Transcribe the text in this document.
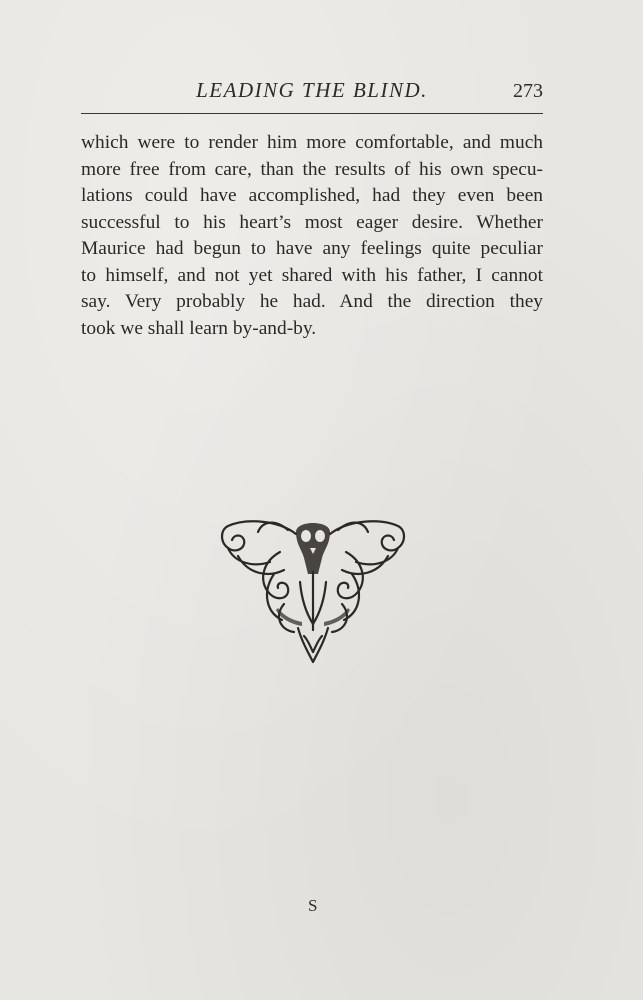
LEADING THE BLIND.	273
which were to render him more comfortable, and much
more free from care, than the results of his own specu-
lations could have accomplished, had they even been
successful to his heart’s most eager desire. Whether
Maurice had begun to have any feelings quite peculiar
to himself, and not yet shared with his father, I cannot
say. Very probably he had. And the direction they
took we shall learn by-and-by.
S
